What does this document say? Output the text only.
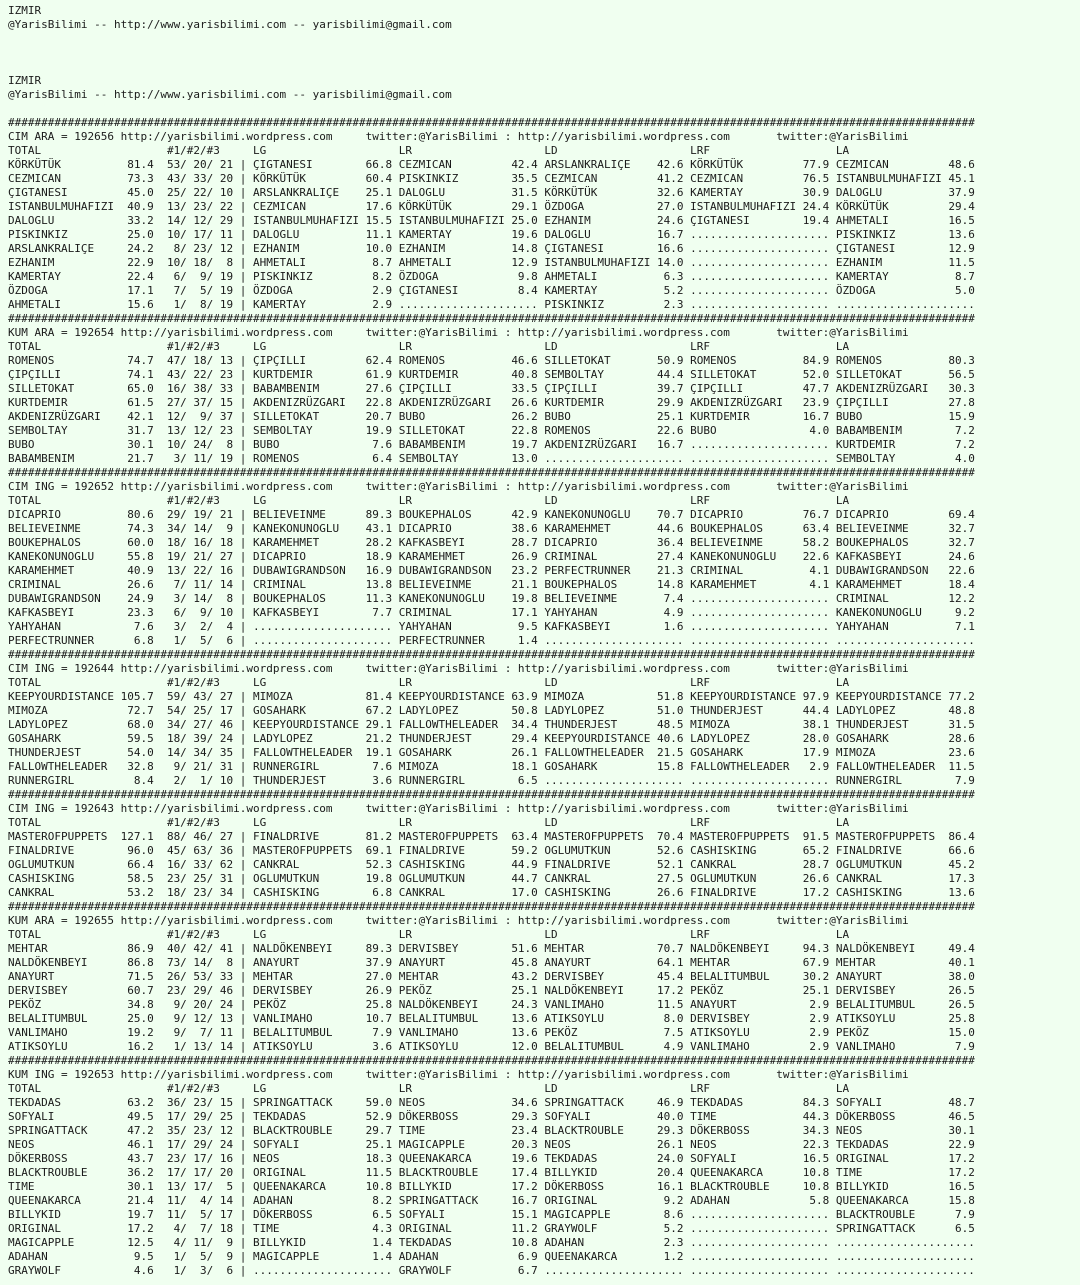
IZMIR
@YarisBilimi -- http://www.yarisbilimi.com -- yarisbilimi@gmail.com
IZMIR
@YarisBilimi -- http://www.yarisbilimi.com -- yarisbilimi@gmail.com
##################################################################################################################################################
CIM ARA = 192656 http://yarisbilimi.wordpress.com     twitter:@YarisBilimi : http://yarisbilimi.wordpress.com       twitter:@YarisBilimi
TOTAL                   #1/#2/#3     LG                    LR                    LD                    LRF                   LA
KÖRKÜTÜK          81.4  53/ 20/ 21 | ÇIGTANESI        66.8 CEZMICAN         42.4 ARSLANKRALIÇE    42.6 KÖRKÜTÜK         77.9 CEZMICAN         48.6
CEZMICAN          73.3  43/ 33/ 20 | KÖRKÜTÜK         60.4 PISKINKIZ        35.5 CEZMICAN         41.2 CEZMICAN         76.5 ISTANBULMUHAFIZI 45.1
ÇIGTANESI         45.0  25/ 22/ 10 | ARSLANKRALIÇE    25.1 DALOGLU          31.5 KÖRKÜTÜK         32.6 KAMERTAY         30.9 DALOGLU          37.9
ISTANBULMUHAFIZI  40.9  13/ 23/ 22 | CEZMICAN         17.6 KÖRKÜTÜK         29.1 ÖZDOGA           27.0 ISTANBULMUHAFIZI 24.4 KÖRKÜTÜK         29.4
DALOGLU           33.2  14/ 12/ 29 | ISTANBULMUHAFIZI 15.5 ISTANBULMUHAFIZI 25.0 EZHANIM          24.6 ÇIGTANESI        19.4 AHMETALI         16.5
PISKINKIZ         25.0  10/ 17/ 11 | DALOGLU          11.1 KAMERTAY         19.6 DALOGLU          16.7 ..................... PISKINKIZ        13.6
ARSLANKRALIÇE     24.2   8/ 23/ 12 | EZHANIM          10.0 EZHANIM          14.8 ÇIGTANESI        16.6 ..................... ÇIGTANESI        12.9
EZHANIM           22.9  10/ 18/  8 | AHMETALI          8.7 AHMETALI         12.9 ISTANBULMUHAFIZI 14.0 ..................... EZHANIM          11.5
KAMERTAY          22.4   6/  9/ 19 | PISKINKIZ         8.2 ÖZDOGA            9.8 AHMETALI          6.3 ..................... KAMERTAY          8.7
ÖZDOGA            17.1   7/  5/ 19 | ÖZDOGA            2.9 ÇIGTANESI         8.4 KAMERTAY          5.2 ..................... ÖZDOGA            5.0
AHMETALI          15.6   1/  8/ 19 | KAMERTAY          2.9 ..................... PISKINKIZ         2.3 ..................... .....................
##################################################################################################################################################
KUM ARA = 192654 http://yarisbilimi.wordpress.com     twitter:@YarisBilimi : http://yarisbilimi.wordpress.com       twitter:@YarisBilimi
TOTAL                   #1/#2/#3     LG                    LR                    LD                    LRF                   LA
ROMENOS           74.7  47/ 18/ 13 | ÇIPÇILLI         62.4 ROMENOS          46.6 SILLETOKAT       50.9 ROMENOS          84.9 ROMENOS          80.3
ÇIPÇILLI          74.1  43/ 22/ 23 | KURTDEMIR        61.9 KURTDEMIR        40.8 SEMBOLTAY        44.4 SILLETOKAT       52.0 SILLETOKAT       56.5
SILLETOKAT        65.0  16/ 38/ 33 | BABAMBENIM       27.6 ÇIPÇILLI         33.5 ÇIPÇILLI         39.7 ÇIPÇILLI         47.7 AKDENIZRÜZGARI   30.3
KURTDEMIR         61.5  27/ 37/ 15 | AKDENIZRÜZGARI   22.8 AKDENIZRÜZGARI   26.6 KURTDEMIR        29.9 AKDENIZRÜZGARI   23.9 ÇIPÇILLI         27.8
AKDENIZRÜZGARI    42.1  12/  9/ 37 | SILLETOKAT       20.7 BUBO             26.2 BUBO             25.1 KURTDEMIR        16.7 BUBO             15.9
SEMBOLTAY         31.7  13/ 12/ 23 | SEMBOLTAY        19.9 SILLETOKAT       22.8 ROMENOS          22.6 BUBO              4.0 BABAMBENIM        7.2
BUBO              30.1  10/ 24/  8 | BUBO              7.6 BABAMBENIM       19.7 AKDENIZRÜZGARI   16.7 ..................... KURTDEMIR         7.2
BABAMBENIM        21.7   3/ 11/ 19 | ROMENOS           6.4 SEMBOLTAY        13.0 ..................... ..................... SEMBOLTAY         4.0
##################################################################################################################################################
CIM ING = 192652 http://yarisbilimi.wordpress.com     twitter:@YarisBilimi : http://yarisbilimi.wordpress.com       twitter:@YarisBilimi
TOTAL                   #1/#2/#3     LG                    LR                    LD                    LRF                   LA
DICAPRIO          80.6  29/ 19/ 21 | BELIEVEINME      89.3 BOUKEPHALOS      42.9 KANEKONUNOGLU    70.7 DICAPRIO         76.7 DICAPRIO         69.4
BELIEVEINME       74.3  34/ 14/  9 | KANEKONUNOGLU    43.1 DICAPRIO         38.6 KARAMEHMET       44.6 BOUKEPHALOS      63.4 BELIEVEINME      32.7
BOUKEPHALOS       60.0  18/ 16/ 18 | KARAMEHMET       28.2 KAFKASBEYI       28.7 DICAPRIO         36.4 BELIEVEINME      58.2 BOUKEPHALOS      32.7
KANEKONUNOGLU     55.8  19/ 21/ 27 | DICAPRIO         18.9 KARAMEHMET       26.9 CRIMINAL         27.4 KANEKONUNOGLU    22.6 KAFKASBEYI       24.6
KARAMEHMET        40.9  13/ 22/ 16 | DUBAWIGRANDSON   16.9 DUBAWIGRANDSON   23.2 PERFECTRUNNER    21.3 CRIMINAL          4.1 DUBAWIGRANDSON   22.6
CRIMINAL          26.6   7/ 11/ 14 | CRIMINAL         13.8 BELIEVEINME      21.1 BOUKEPHALOS      14.8 KARAMEHMET        4.1 KARAMEHMET       18.4
DUBAWIGRANDSON    24.9   3/ 14/  8 | BOUKEPHALOS      11.3 KANEKONUNOGLU    19.8 BELIEVEINME       7.4 ..................... CRIMINAL         12.2
KAFKASBEYI        23.3   6/  9/ 10 | KAFKASBEYI        7.7 CRIMINAL         17.1 YAHYAHAN          4.9 ..................... KANEKONUNOGLU     9.2
YAHYAHAN           7.6   3/  2/  4 | ..................... YAHYAHAN          9.5 KAFKASBEYI        1.6 ..................... YAHYAHAN          7.1
PERFECTRUNNER      6.8   1/  5/  6 | ..................... PERFECTRUNNER     1.4 ..................... ..................... .....................
##################################################################################################################################################
CIM ING = 192644 http://yarisbilimi.wordpress.com     twitter:@YarisBilimi : http://yarisbilimi.wordpress.com       twitter:@YarisBilimi
TOTAL                   #1/#2/#3     LG                    LR                    LD                    LRF                   LA
KEEPYOURDISTANCE 105.7  59/ 43/ 27 | MIMOZA           81.4 KEEPYOURDISTANCE 63.9 MIMOZA           51.8 KEEPYOURDISTANCE 97.9 KEEPYOURDISTANCE 77.2
MIMOZA            72.7  54/ 25/ 17 | GOSAHARK         67.2 LADYLOPEZ        50.8 LADYLOPEZ        51.0 THUNDERJEST      44.4 LADYLOPEZ        48.8
LADYLOPEZ         68.0  34/ 27/ 46 | KEEPYOURDISTANCE 29.1 FALLOWTHELEADER  34.4 THUNDERJEST      48.5 MIMOZA           38.1 THUNDERJEST      31.5
GOSAHARK          59.5  18/ 39/ 24 | LADYLOPEZ        21.2 THUNDERJEST      29.4 KEEPYOURDISTANCE 40.6 LADYLOPEZ        28.0 GOSAHARK         28.6
THUNDERJEST       54.0  14/ 34/ 35 | FALLOWTHELEADER  19.1 GOSAHARK         26.1 FALLOWTHELEADER  21.5 GOSAHARK         17.9 MIMOZA           23.6
FALLOWTHELEADER   32.8   9/ 21/ 31 | RUNNERGIRL        7.6 MIMOZA           18.1 GOSAHARK         15.8 FALLOWTHELEADER   2.9 FALLOWTHELEADER  11.5
RUNNERGIRL         8.4   2/  1/ 10 | THUNDERJEST       3.6 RUNNERGIRL        6.5 ..................... ..................... RUNNERGIRL        7.9
##################################################################################################################################################
CIM ING = 192643 http://yarisbilimi.wordpress.com     twitter:@YarisBilimi : http://yarisbilimi.wordpress.com       twitter:@YarisBilimi
TOTAL                   #1/#2/#3     LG                    LR                    LD                    LRF                   LA
MASTEROFPUPPETS  127.1  88/ 46/ 27 | FINALDRIVE       81.2 MASTEROFPUPPETS  63.4 MASTEROFPUPPETS  70.4 MASTEROFPUPPETS  91.5 MASTEROFPUPPETS  86.4
FINALDRIVE        96.0  45/ 63/ 36 | MASTEROFPUPPETS  69.1 FINALDRIVE       59.2 OGLUMUTKUN       52.6 CASHISKING       65.2 FINALDRIVE       66.6
OGLUMUTKUN        66.4  16/ 33/ 62 | CANKRAL          52.3 CASHISKING       44.9 FINALDRIVE       52.1 CANKRAL          28.7 OGLUMUTKUN       45.2
CASHISKING        58.5  23/ 25/ 31 | OGLUMUTKUN       19.8 OGLUMUTKUN       44.7 CANKRAL          27.5 OGLUMUTKUN       26.6 CANKRAL          17.3
CANKRAL           53.2  18/ 23/ 34 | CASHISKING        6.8 CANKRAL          17.0 CASHISKING       26.6 FINALDRIVE       17.2 CASHISKING       13.6
##################################################################################################################################################
KUM ARA = 192655 http://yarisbilimi.wordpress.com     twitter:@YarisBilimi : http://yarisbilimi.wordpress.com       twitter:@YarisBilimi
TOTAL                   #1/#2/#3     LG                    LR                    LD                    LRF                   LA
MEHTAR            86.9  40/ 42/ 41 | NALDÖKENBEYI     89.3 DERVISBEY        51.6 MEHTAR           70.7 NALDÖKENBEYI     94.3 NALDÖKENBEYI     49.4
NALDÖKENBEYI      86.8  73/ 14/  8 | ANAYURT          37.9 ANAYURT          45.8 ANAYURT          64.1 MEHTAR           67.9 MEHTAR           40.1
ANAYURT           71.5  26/ 53/ 33 | MEHTAR           27.0 MEHTAR           43.2 DERVISBEY        45.4 BELALITUMBUL     30.2 ANAYURT          38.0
DERVISBEY         60.7  23/ 29/ 46 | DERVISBEY        26.9 PEKÖZ            25.1 NALDÖKENBEYI     17.2 PEKÖZ            25.1 DERVISBEY        26.5
PEKÖZ             34.8   9/ 20/ 24 | PEKÖZ            25.8 NALDÖKENBEYI     24.3 VANLIMAHO        11.5 ANAYURT           2.9 BELALITUMBUL     26.5
BELALITUMBUL      25.0   9/ 12/ 13 | VANLIMAHO        10.7 BELALITUMBUL     13.6 ATIKSOYLU         8.0 DERVISBEY         2.9 ATIKSOYLU        25.8
VANLIMAHO         19.2   9/  7/ 11 | BELALITUMBUL      7.9 VANLIMAHO        13.6 PEKÖZ             7.5 ATIKSOYLU         2.9 PEKÖZ            15.0
ATIKSOYLU         16.2   1/ 13/ 14 | ATIKSOYLU         3.6 ATIKSOYLU        12.0 BELALITUMBUL      4.9 VANLIMAHO         2.9 VANLIMAHO         7.9
##################################################################################################################################################
KUM ING = 192653 http://yarisbilimi.wordpress.com     twitter:@YarisBilimi : http://yarisbilimi.wordpress.com       twitter:@YarisBilimi
TOTAL                   #1/#2/#3     LG                    LR                    LD                    LRF                   LA
TEKDADAS          63.2  36/ 23/ 15 | SPRINGATTACK     59.0 NEOS             34.6 SPRINGATTACK     46.9 TEKDADAS         84.3 SOFYALI          48.7
SOFYALI           49.5  17/ 29/ 25 | TEKDADAS         52.9 DÖKERBOSS        29.3 SOFYALI          40.0 TIME             44.3 DÖKERBOSS        46.5
SPRINGATTACK      47.2  35/ 23/ 12 | BLACKTROUBLE     29.7 TIME             23.4 BLACKTROUBLE     29.3 DÖKERBOSS        34.3 NEOS             30.1
NEOS              46.1  17/ 29/ 24 | SOFYALI          25.1 MAGICAPPLE       20.3 NEOS             26.1 NEOS             22.3 TEKDADAS         22.9
DÖKERBOSS         43.7  23/ 17/ 16 | NEOS             18.3 QUEENAKARCA      19.6 TEKDADAS         24.0 SOFYALI          16.5 ORIGINAL         17.2
BLACKTROUBLE      36.2  17/ 17/ 20 | ORIGINAL         11.5 BLACKTROUBLE     17.4 BILLYKID         20.4 QUEENAKARCA      10.8 TIME             17.2
TIME              30.1  13/ 17/  5 | QUEENAKARCA      10.8 BILLYKID         17.2 DÖKERBOSS        16.1 BLACKTROUBLE     10.8 BILLYKID         16.5
QUEENAKARCA       21.4  11/  4/ 14 | ADAHAN            8.2 SPRINGATTACK     16.7 ORIGINAL          9.2 ADAHAN            5.8 QUEENAKARCA      15.8
BILLYKID          19.7  11/  5/ 17 | DÖKERBOSS         6.5 SOFYALI          15.1 MAGICAPPLE        8.6 ..................... BLACKTROUBLE      7.9
ORIGINAL          17.2   4/  7/ 18 | TIME              4.3 ORIGINAL         11.2 GRAYWOLF          5.2 ..................... SPRINGATTACK      6.5
MAGICAPPLE        12.5   4/ 11/  9 | BILLYKID          1.4 TEKDADAS         10.8 ADAHAN            2.3 ..................... .....................
ADAHAN             9.5   1/  5/  9 | MAGICAPPLE        1.4 ADAHAN            6.9 QUEENAKARCA       1.2 ..................... .....................
GRAYWOLF           4.6   1/  3/  6 | ..................... GRAYWOLF          6.7 ..................... ..................... .....................
